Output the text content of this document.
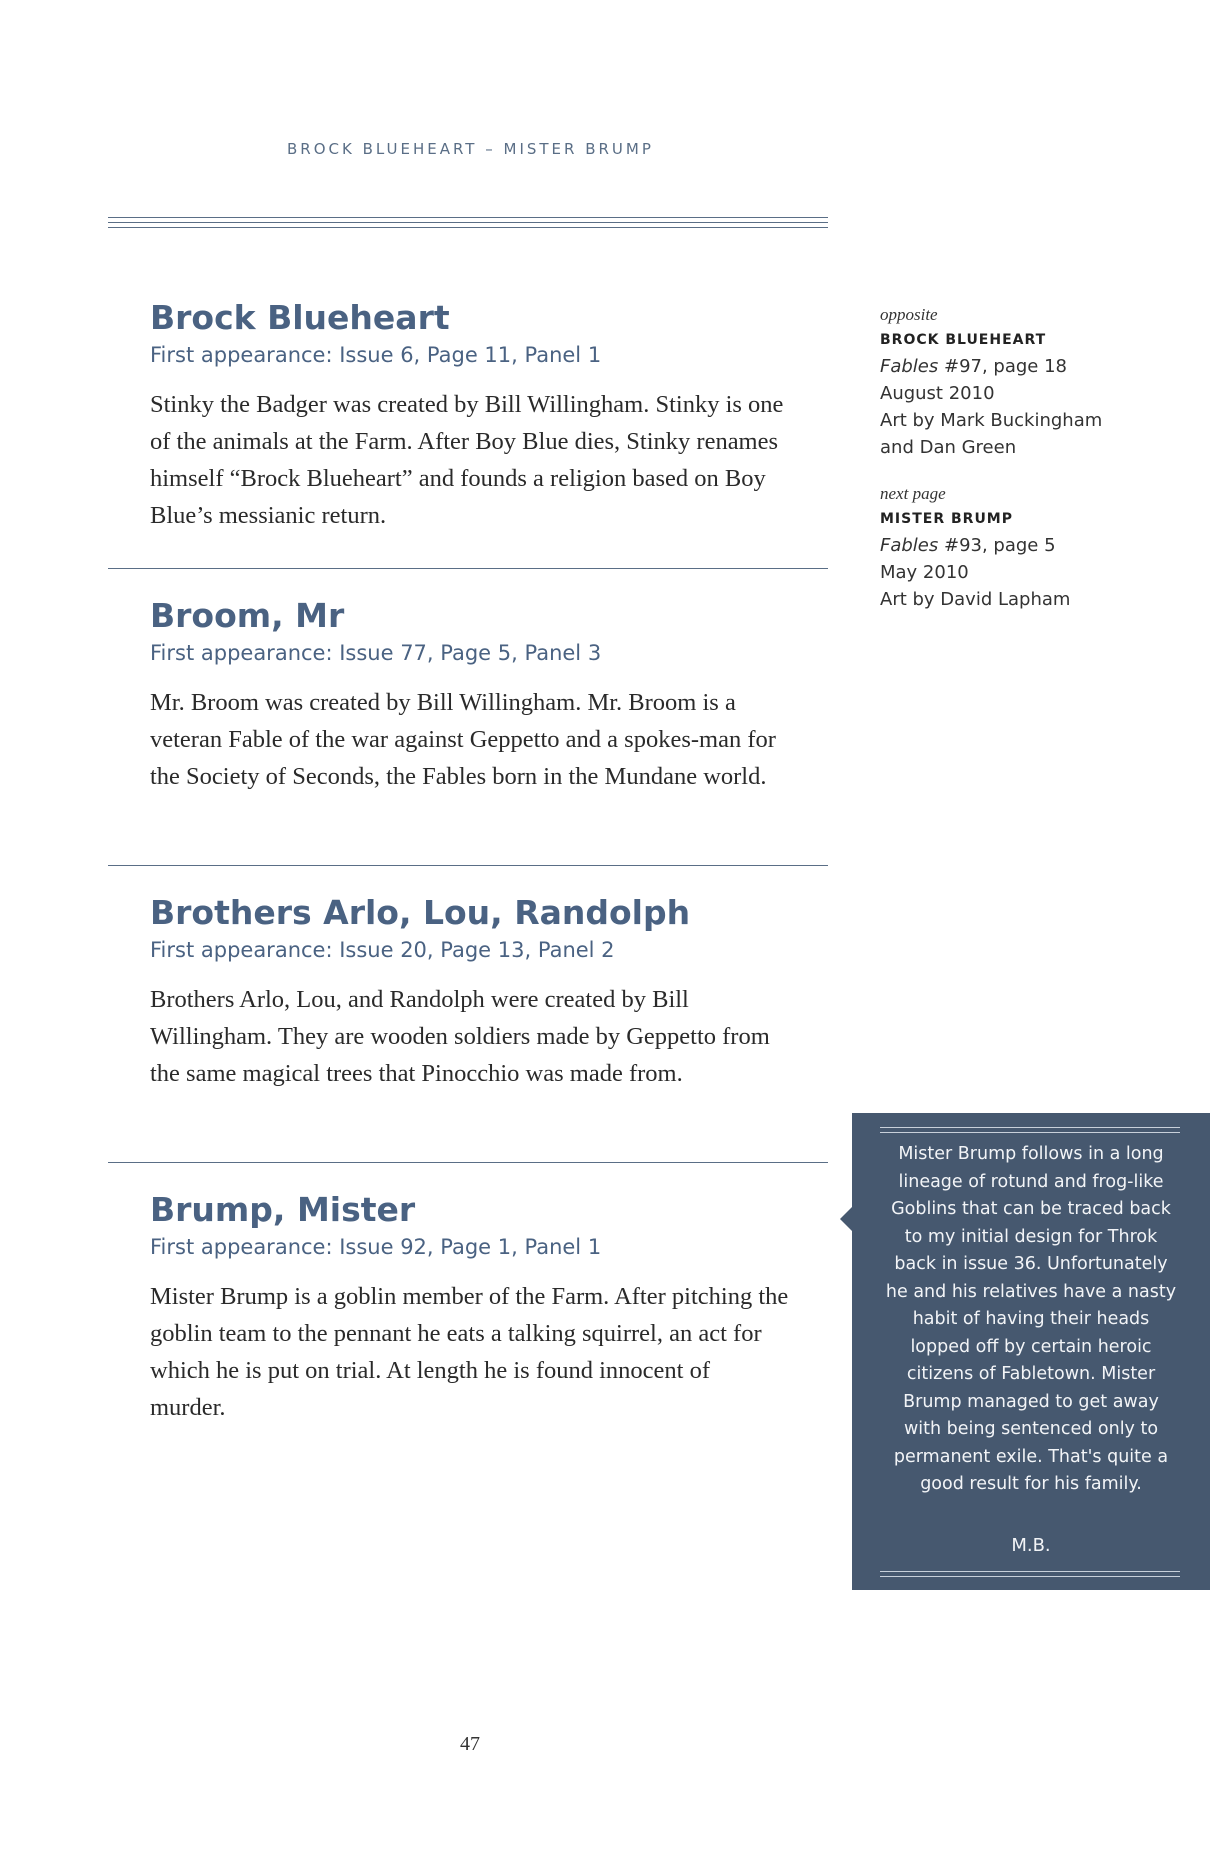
BROCK BLUEHEART – MISTER BRUMP
Brock Blueheart
First appearance: Issue 6, Page 11, Panel 1
Stinky the Badger was created by Bill Willingham. Stinky is one of the animals at the Farm. After Boy Blue dies, Stinky renames himself “Brock Blueheart” and founds a religion based on Boy Blue’s messianic return.
Broom, Mr
First appearance: Issue 77, Page 5, Panel 3
Mr. Broom was created by Bill Willingham. Mr. Broom is a veteran Fable of the war against Geppetto and a spokes-man for the Society of Seconds, the Fables born in the Mundane world.
Brothers Arlo, Lou, Randolph
First appearance: Issue 20, Page 13, Panel 2
Brothers Arlo, Lou, and Randolph were created by Bill Willingham. They are wooden soldiers made by Geppetto from the same magical trees that Pinocchio was made from.
Brump, Mister
First appearance: Issue 92, Page 1, Panel 1
Mister Brump is a goblin member of the Farm. After pitching the goblin team to the pennant he eats a talking squirrel, an act for which he is put on trial. At length he is found innocent of murder.
opposite
BROCK BLUEHEART
Fables #97, page 18
August 2010
Art by Mark Buckingham
and Dan Green
next page
MISTER BRUMP
Fables #93, page 5
May 2010
Art by David Lapham
Mister Brump follows in a long lineage of rotund and frog-like Goblins that can be traced back to my initial design for Throk back in issue 36. Unfortunately he and his relatives have a nasty habit of having their heads lopped off by certain heroic citizens of Fabletown. Mister Brump managed to get away with being sentenced only to permanent exile. That's quite a good result for his family.
M.B.
47
